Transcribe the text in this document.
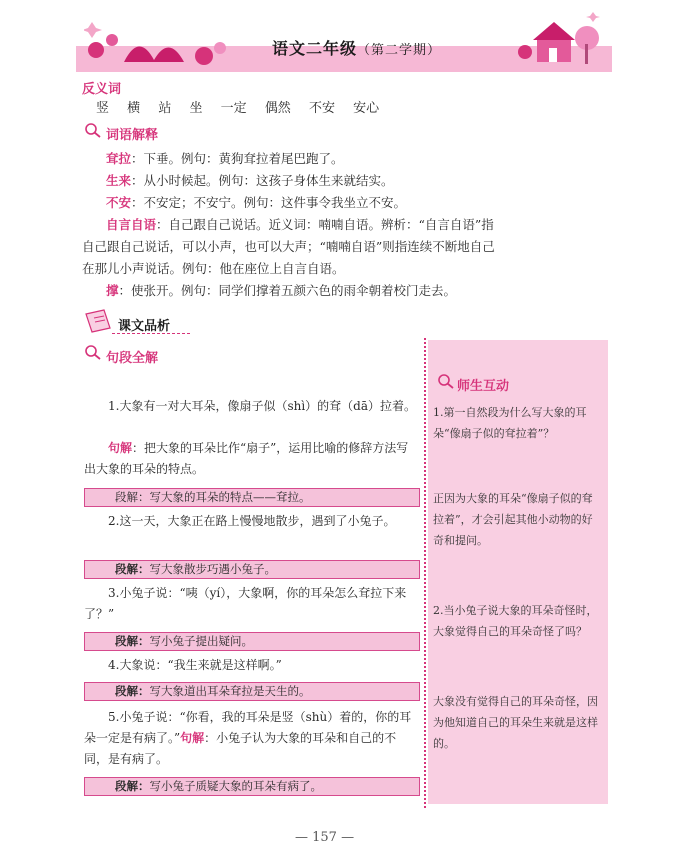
语文二年级（第二学期）
反义词
竖 横 站 坐 一定 偶然 不安 安心
词语解释
耷拉：下垂。例句：黄狗耷拉着尾巴跑了。
生来：从小时候起。例句：这孩子身体生来就结实。
不安：不安定；不安宁。例句：这件事令我坐立不安。
自言自语：自己跟自己说话。近义词：喃喃自语。辨析：“自言自语”指自己跟自己说话，可以小声，也可以大声；“喃喃自语”则指连续不断地自己在那儿小声说话。例句：他在座位上自言自语。
撑：使张开。例句：同学们撑着五颜六色的雨伞朝着校门走去。
课文品析
句段全解
1.大象有一对大耳朵，像扇子似（shì）的耷（dā）拉着。
句解：把大象的耳朵比作“扇子”，运用比喻的修辞方法写出大象的耳朵的特点。
段解：写大象的耳朵的特点——耷拉。
2.这一天，大象正在路上慢慢地散步，遇到了小兔子。
段解：写大象散步巧遇小兔子。
3.小兔子说：“咦（yí），大象啊，你的耳朵怎么耷拉下来了？”
段解：写小兔子提出疑问。
4.大象说：“我生来就是这样啊。”
段解：写大象道出耳朵耷拉是天生的。
5.小兔子说：“你看，我的耳朵是竖（shù）着的，你的耳朵一定是有病了。”句解：小兔子认为大象的耳朵和自己的不同，是有病了。
段解：写小兔子质疑大象的耳朵有病了。
师生互动
1.第一自然段为什么写大象的耳朵“像扇子似的耷拉着”？
正因为大象的耳朵“像扇子似的耷拉着”，才会引起其他小动物的好奇和提问。
2.当小兔子说大象的耳朵奇怪时，大象觉得自己的耳朵奇怪了吗？
大象没有觉得自己的耳朵奇怪，因为他知道自己的耳朵生来就是这样的。
— 157 —
